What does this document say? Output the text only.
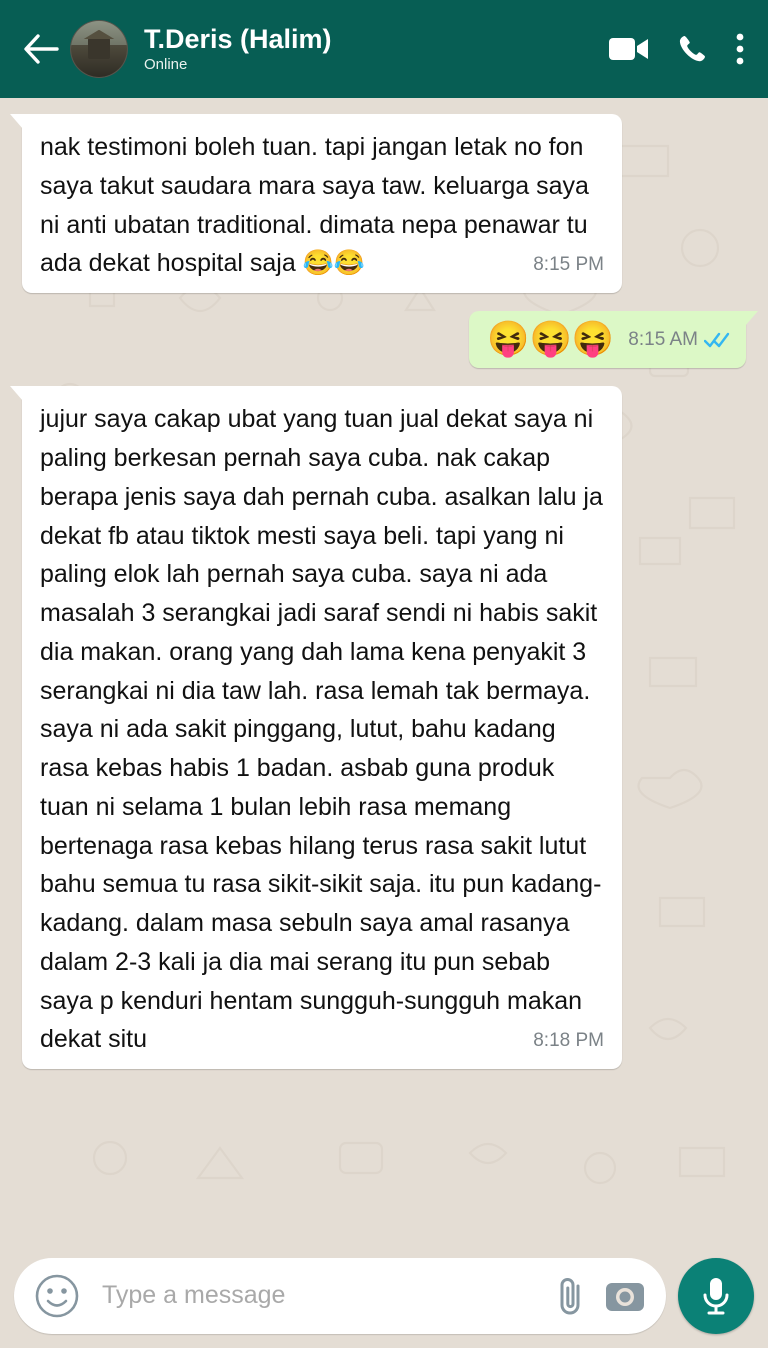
T.Deris (Halim)
Online
nak testimoni boleh tuan. tapi jangan letak no fon saya takut saudara mara saya taw. keluarga saya ni anti ubatan traditional. dimata nepa penawar tu ada dekat hospital saja 😂😂	8:15 PM
😝😝😝 8:15 AM
jujur saya cakap ubat yang tuan jual dekat saya ni paling berkesan pernah saya cuba. nak cakap berapa jenis saya dah pernah cuba. asalkan lalu ja dekat fb atau tiktok mesti saya beli. tapi yang ni paling elok lah pernah saya cuba. saya ni ada masalah 3 serangkai jadi saraf sendi ni habis sakit dia makan. orang yang dah lama kena penyakit 3 serangkai ni dia taw lah. rasa lemah tak bermaya. saya ni ada sakit pinggang, lutut, bahu kadang rasa kebas habis 1 badan. asbab guna produk tuan ni selama 1 bulan lebih rasa memang bertenaga rasa kebas hilang terus rasa sakit lutut bahu semua tu rasa sikit-sikit saja. itu pun kadang-kadang. dalam masa sebuln saya amal rasanya dalam 2-3 kali ja dia mai serang itu pun sebab saya p kenduri hentam sungguh-sungguh makan dekat situ	8:18 PM
Type a message
